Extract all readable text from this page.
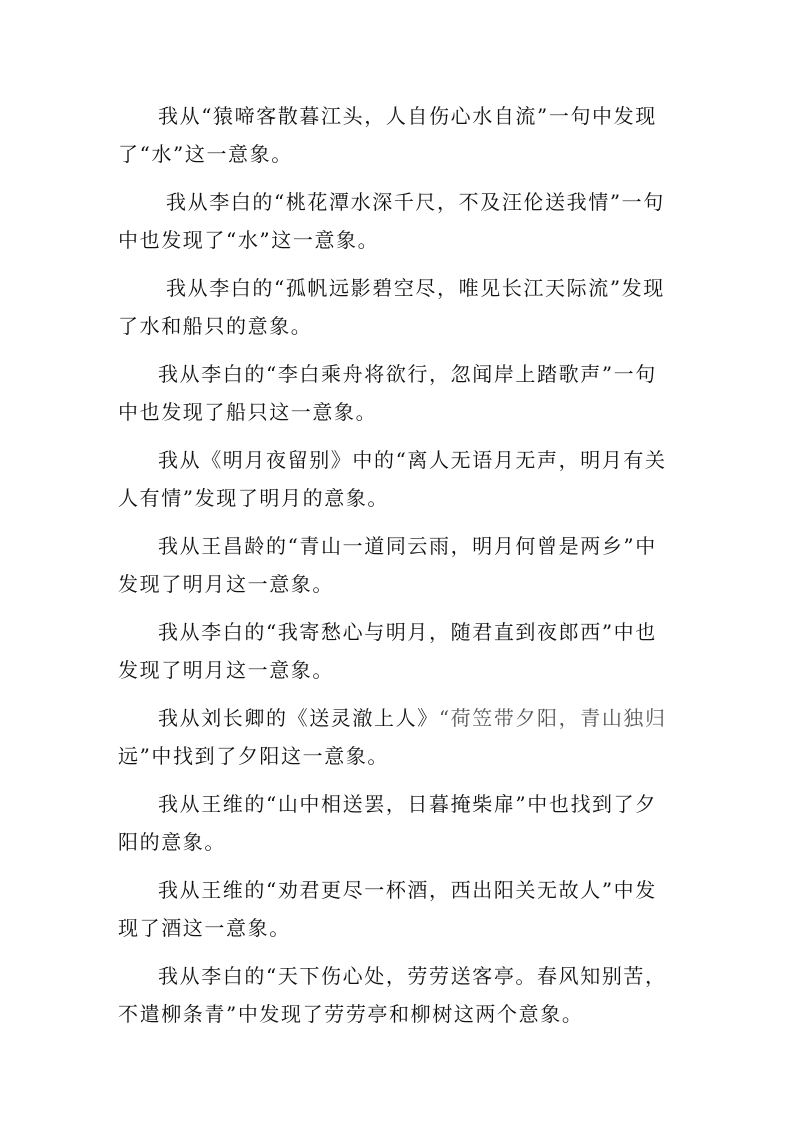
我从“猿啼客散暮江头，人自伤心水自流”一句中发现了“水”这一意象。

我从李白的“桃花潭水深千尺，不及汪伦送我情”一句中也发现了“水”这一意象。

我从李白的“孤帆远影碧空尽，唯见长江天际流”发现了水和船只的意象。

我从李白的“李白乘舟将欲行，忽闻岸上踏歌声”一句中也发现了船只这一意象。

我从《明月夜留别》中的“离人无语月无声，明月有关人有情”发现了明月的意象。

我从王昌龄的“青山一道同云雨，明月何曾是两乡”中发现了明月这一意象。

我从李白的“我寄愁心与明月，随君直到夜郎西”中也发现了明月这一意象。

我从刘长卿的《送灵澈上人》“荷笠带夕阳，青山独归远”中找到了夕阳这一意象。

我从王维的“山中相送罢，日暮掩柴扉”中也找到了夕阳的意象。

我从王维的“劝君更尽一杯酒，西出阳关无故人”中发现了酒这一意象。

我从李白的“天下伤心处，劳劳送客亭。春风知别苦，不遣柳条青”中发现了劳劳亭和柳树这两个意象。
